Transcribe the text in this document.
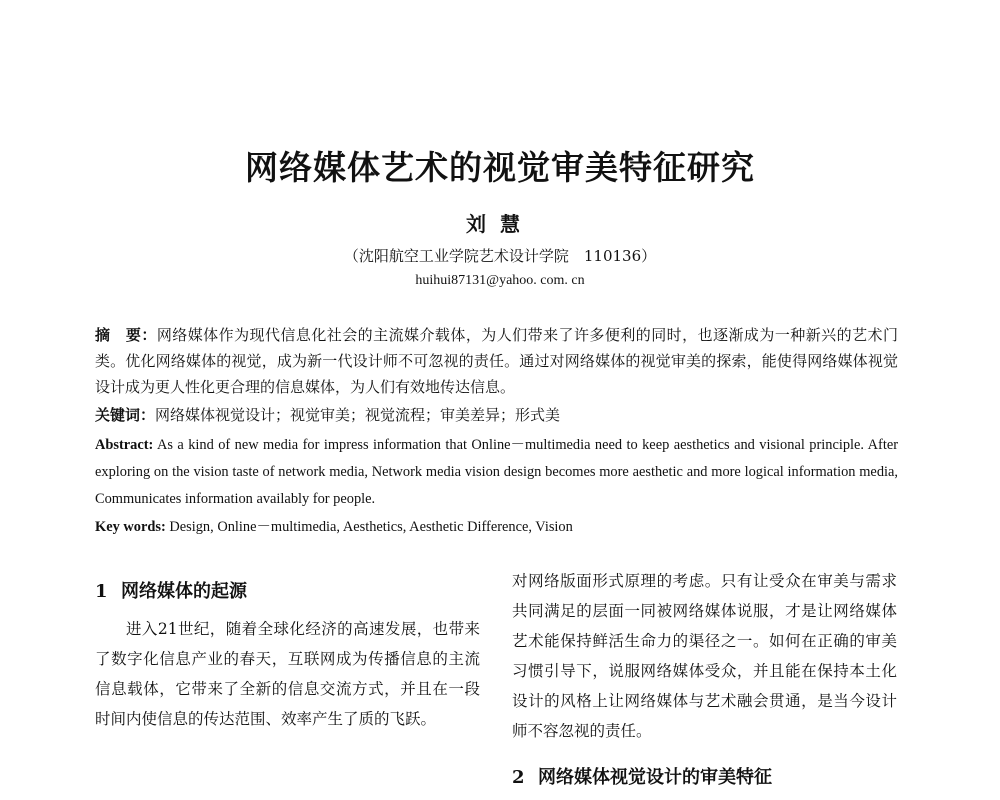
网络媒体艺术的视觉审美特征研究
刘慧
（沈阳航空工业学院艺术设计学院　110136）
huihui87131@yahoo. com. cn
摘　要：网络媒体作为现代信息化社会的主流媒介载体，为人们带来了许多便利的同时，也逐渐成为一种新兴的艺术门类。优化网络媒体的视觉，成为新一代设计师不可忽视的责任。通过对网络媒体的视觉审美的探索，能使得网络媒体视觉设计成为更人性化更合理的信息媒体，为人们有效地传达信息。
关键词：网络媒体视觉设计；视觉审美；视觉流程；审美差异；形式美
Abstract: As a kind of new media for impress information that Online－multimedia need to keep aesthetics and visional principle. After exploring on the vision taste of network media, Network media vision design becomes more aesthetic and more logical information media, Communicates information availably for people.
Key words: Design, Online－multimedia, Aesthetics, Aesthetic Difference, Vision
1 网络媒体的起源

进入21世纪，随着全球化经济的高速发展，也带来了数字化信息产业的春天，互联网成为传播信息的主流信息载体，它带来了全新的信息交流方式，并且在一段时间内使信息的传达范围、效率产生了质的飞跃。

对网络版面形式原理的考虑。只有让受众在审美与需求共同满足的层面一同被网络媒体说服，才是让网络媒体艺术能保持鲜活生命力的渠径之一。如何在正确的审美习惯引导下，说服网络媒体受众，并且能在保持本土化设计的风格上让网络媒体与艺术融会贯通，是当今设计师不容忽视的责任。

2 网络媒体视觉设计的审美特征
